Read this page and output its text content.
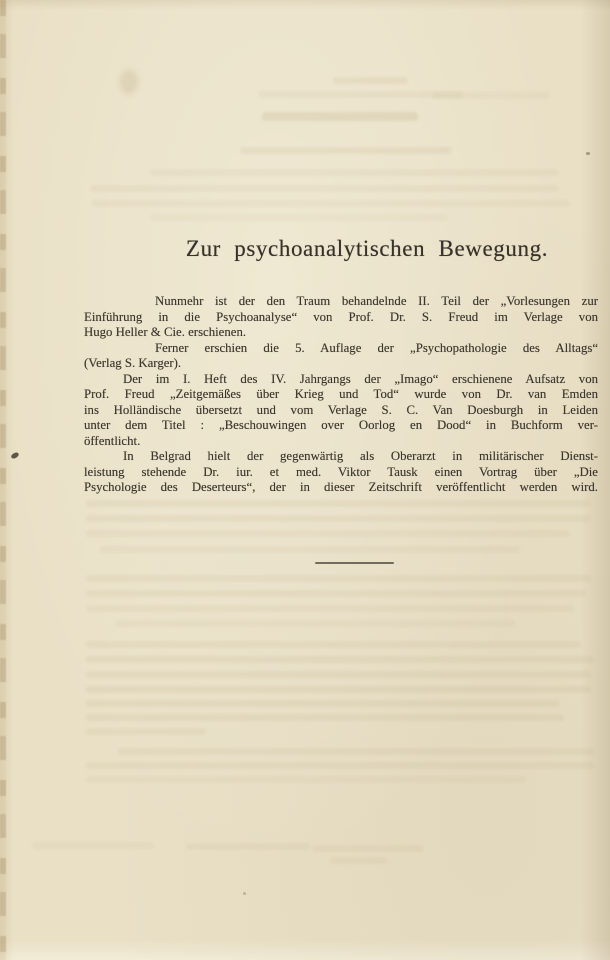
Zur psychoanalytischen Bewegung.
Nunmehr ist der den Traum behandelnde II. Teil der „Vorlesungen zur
Einführung in die Psychoanalyse“ von Prof. Dr. S. Freud im Verlage von
Hugo Heller & Cie. erschienen.
Ferner erschien die 5. Auflage der „Psychopathologie des Alltags“
(Verlag S. Karger).
Der im I. Heft des IV. Jahrgangs der „Imago“ erschienene Aufsatz von
Prof. Freud „Zeitgemäßes über Krieg und Tod“ wurde von Dr. van Emden
ins Holländische übersetzt und vom Verlage S. C. Van Doesburgh in Leiden
unter dem Titel : „Beschouwingen over Oorlog en Dood“ in Buchform ver-
öffentlicht.
In Belgrad hielt der gegenwärtig als Oberarzt in militärischer Dienst-
leistung stehende Dr. iur. et med. Viktor Tausk einen Vortrag über „Die
Psychologie des Deserteurs“, der in dieser Zeitschrift veröffentlicht werden wird.
